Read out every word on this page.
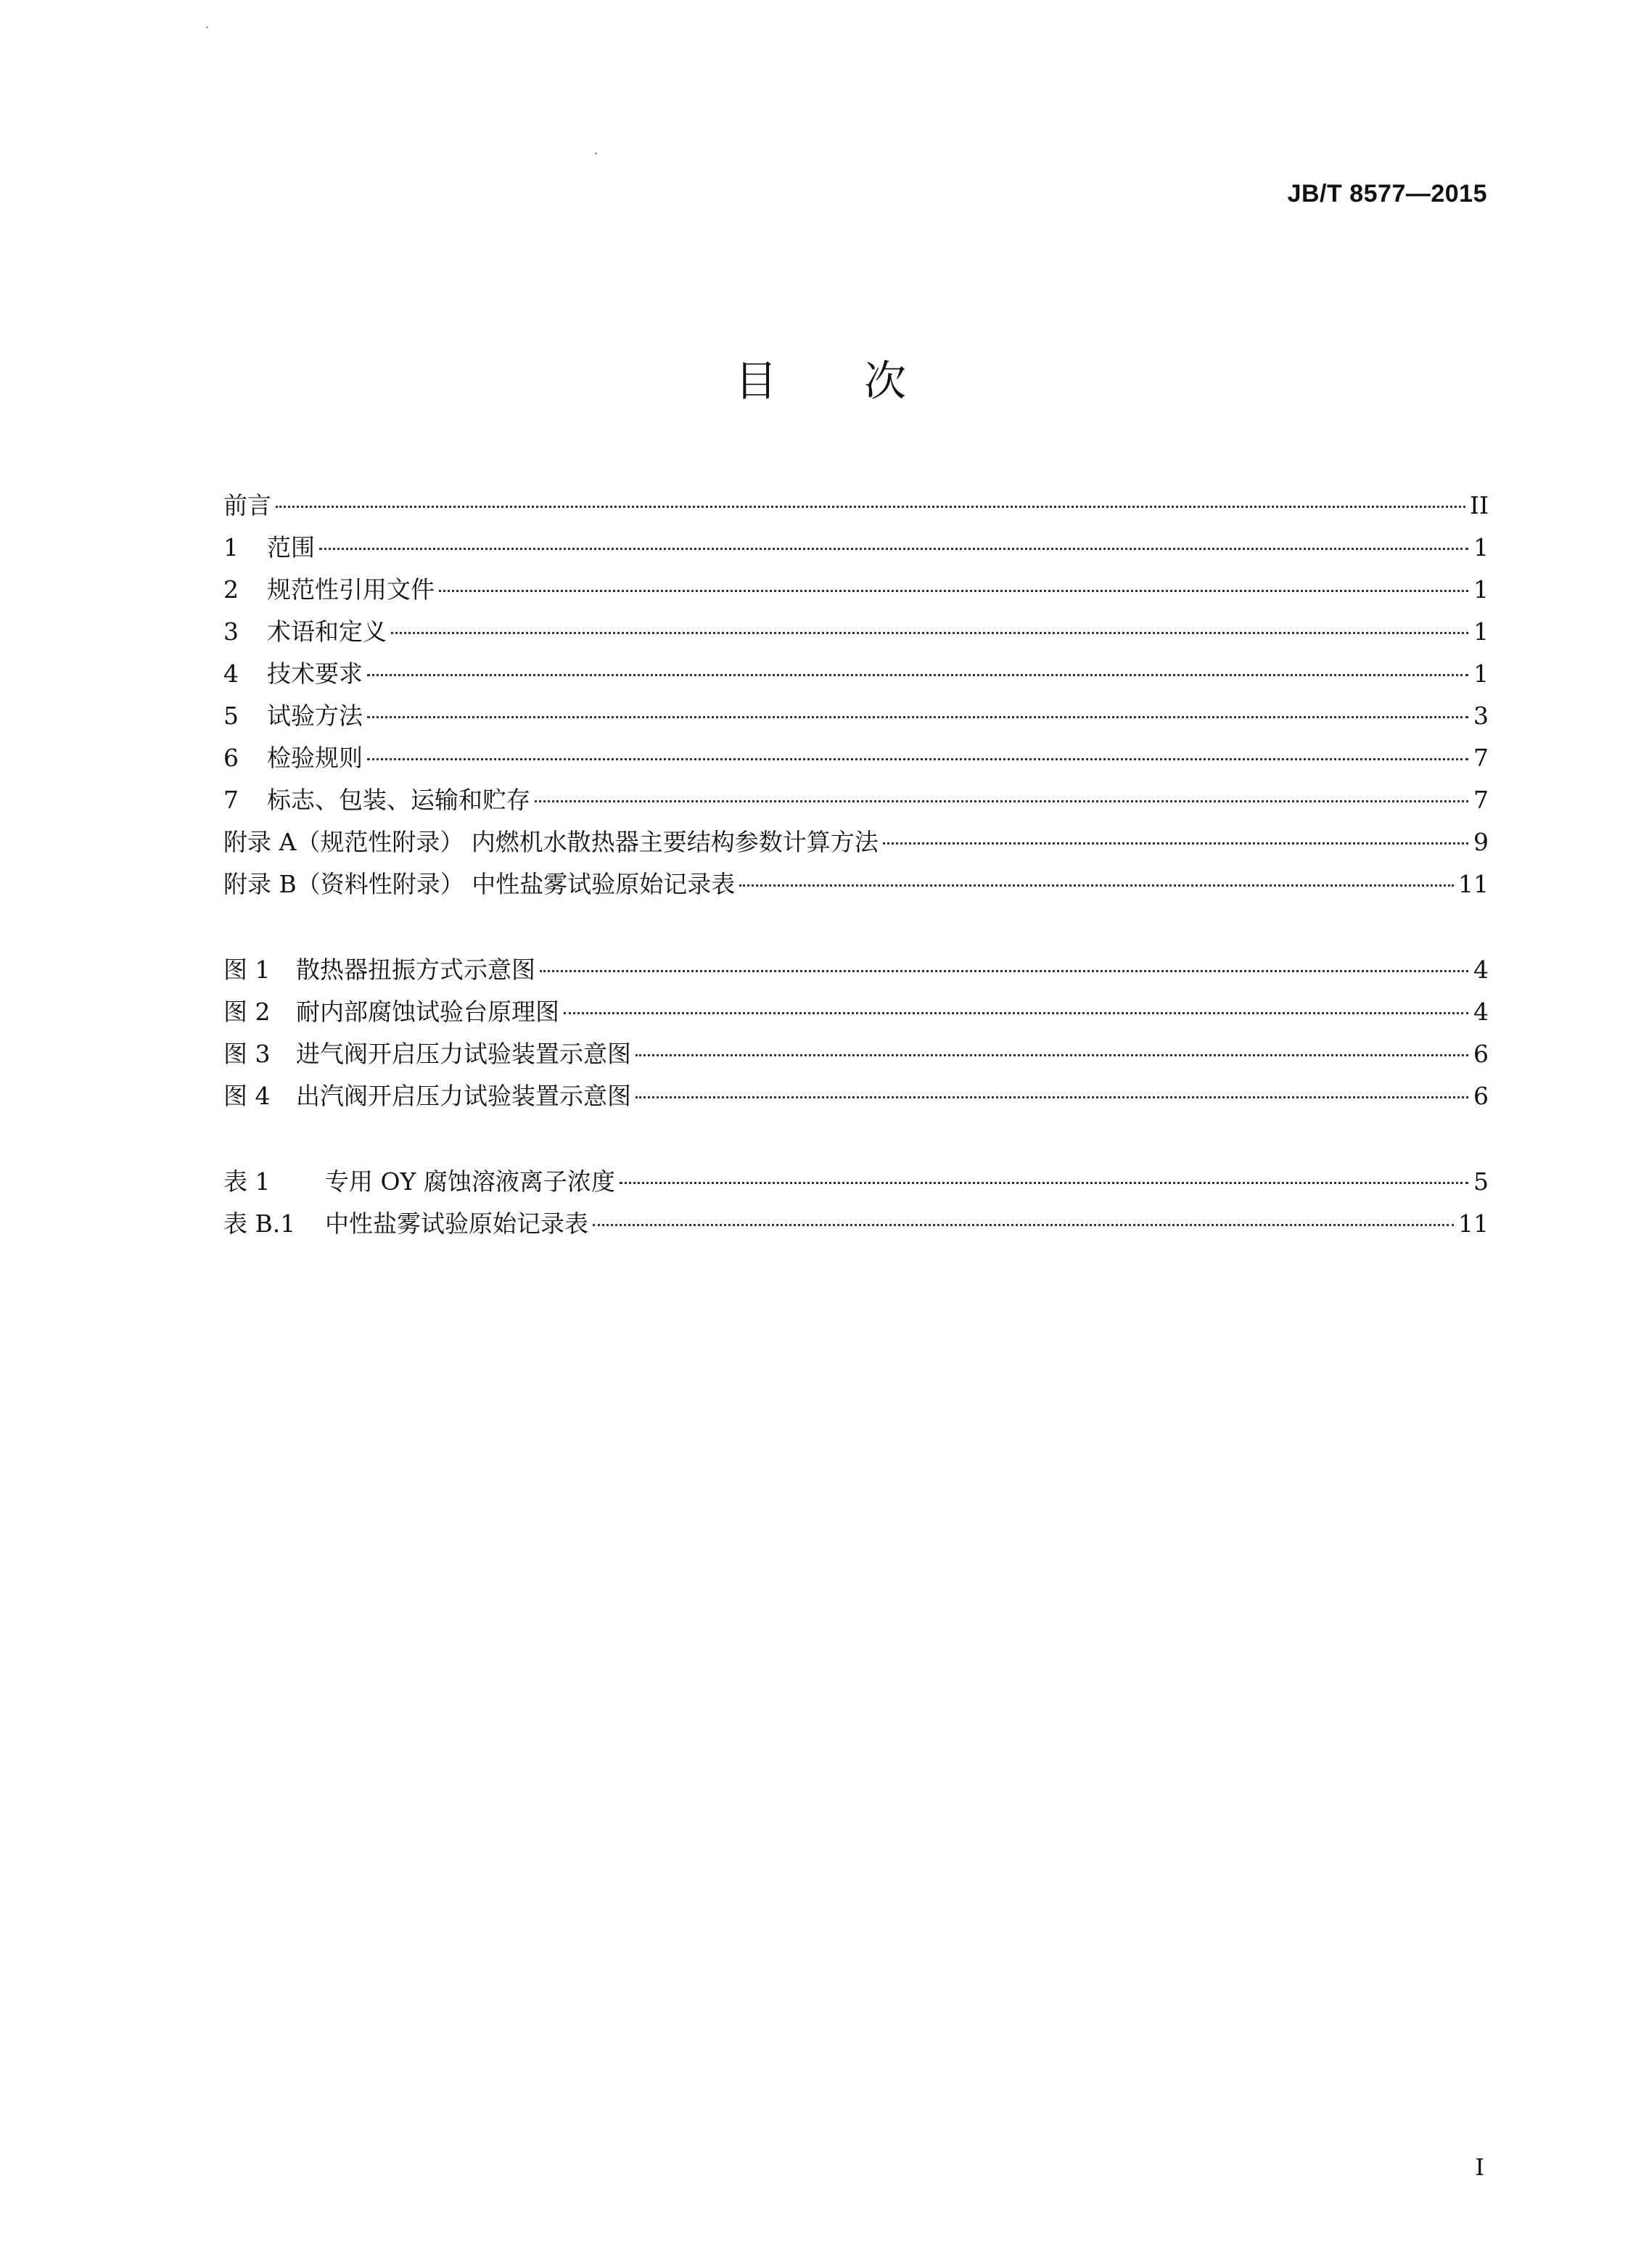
JB/T 8577—2015
目次
前言	II
1	范围	1
2	规范性引用文件	1
3	术语和定义	1
4	技术要求	1
5	试验方法	3
6	检验规则	7
7	标志、包装、运输和贮存	7
附录 A（规范性附录） 内燃机水散热器主要结构参数计算方法	9
附录 B（资料性附录） 中性盐雾试验原始记录表	11
图 1	散热器扭振方式示意图	4
图 2	耐内部腐蚀试验台原理图	4
图 3	进气阀开启压力试验装置示意图	6
图 4	出汽阀开启压力试验装置示意图	6
表 1	专用 OY 腐蚀溶液离子浓度	5
表 B.1	中性盐雾试验原始记录表	11
I
